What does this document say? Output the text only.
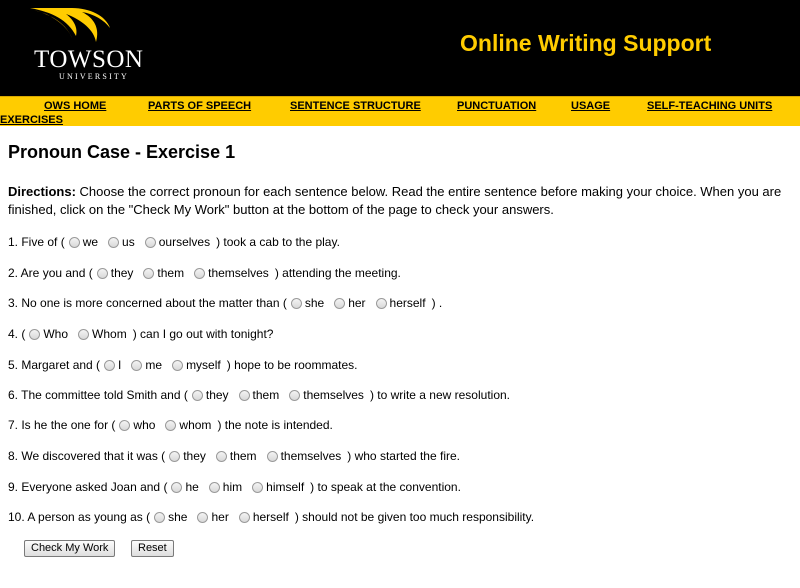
TOWSON
UNIVERSITY
Online Writing Support
OWS HOME	PARTS OF SPEECH	SENTENCE STRUCTURE	PUNCTUATION	USAGE	SELF-TEACHING UNITS
EXERCISES
Pronoun Case - Exercise 1
Directions: Choose the correct pronoun for each sentence below. Read the entire sentence before making your choice. When you are finished, click on the "Check My Work" button at the bottom of the page to check your answers.
1. Five of ( we us ourselves ) took a cab to the play.
2. Are you and ( they them themselves ) attending the meeting.
3. No one is more concerned about the matter than ( she her herself ) .
4. ( Who Whom ) can I go out with tonight?
5. Margaret and ( I me myself ) hope to be roommates.
6. The committee told Smith and ( they them themselves ) to write a new resolution.
7. Is he the one for ( who whom ) the note is intended.
8. We discovered that it was ( they them themselves ) who started the fire.
9. Everyone asked Joan and ( he him himself ) to speak at the convention.
10. A person as young as ( she her herself ) should not be given too much responsibility.
Check My Work	Reset
